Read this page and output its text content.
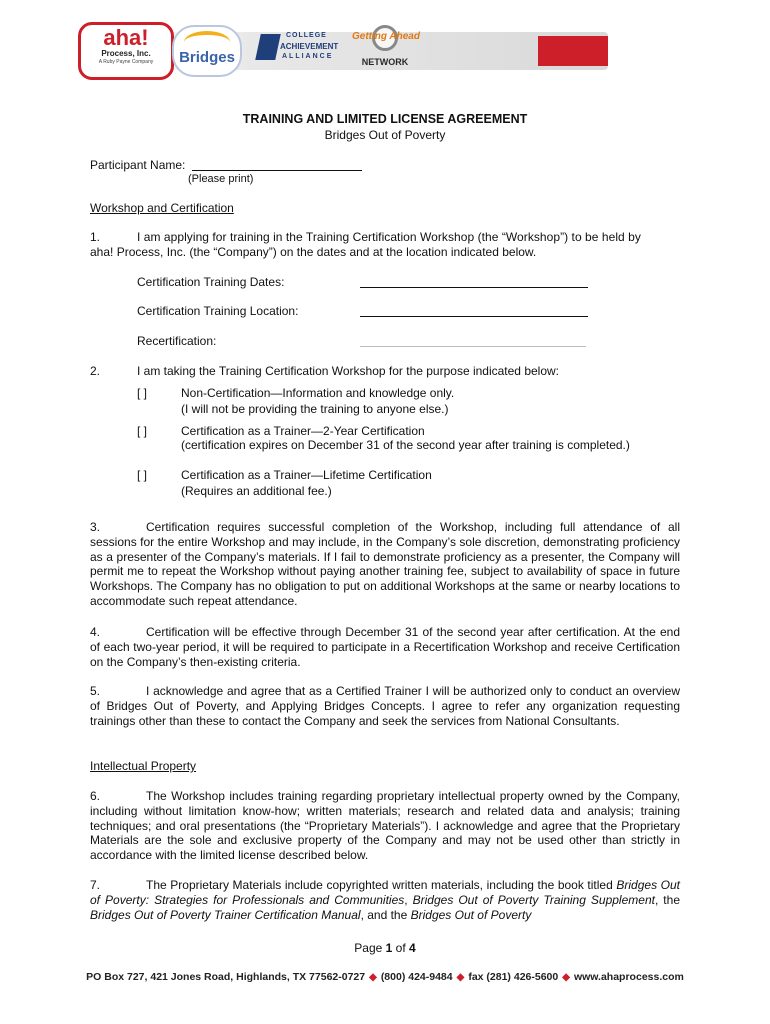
❯❯❯❯
aha!
Process, Inc.
A Ruby Payne Company	Bridges
COLLEGE
ACHIEVEMENT
ALLIANCE
Getting Ahead
NETWORK
TRAINING AND LIMITED LICENSE AGREEMENT
Bridges Out of Poverty
Participant Name:
(Please print)
Workshop and Certification
1.	I am applying for training in the Training Certification Workshop (the “Workshop”) to be held by
aha! Process, Inc. (the “Company”) on the dates and at the location indicated below.
Certification Training Dates:
Certification Training Location:
Recertification:
2.	I am taking the Training Certification Workshop for the purpose indicated below:
[ ]	Non-Certification—Information and knowledge only.
(I will not be providing the training to anyone else.)
[ ]	Certification as a Trainer—2-Year Certification
(certification expires on December 31 of the second year after training is completed.)
[ ]	Certification as a Trainer—Lifetime Certification
(Requires an additional fee.)
3.	Certification requires successful completion of the Workshop, including full attendance of all sessions for the entire Workshop and may include, in the Company’s sole discretion, demonstrating proficiency as a presenter of the Company’s materials. If I fail to demonstrate proficiency as a presenter, the Company will permit me to repeat the Workshop without paying another training fee, subject to availability of space in future Workshops. The Company has no obligation to put on additional Workshops at the same or nearby locations to accommodate such repeat attendance.
4.	Certification will be effective through December 31 of the second year after certification. At the end of each two-year period, it will be required to participate in a Recertification Workshop and receive Certification on the Company’s then-existing criteria.
5.	I acknowledge and agree that as a Certified Trainer I will be authorized only to conduct an overview of Bridges Out of Poverty, and Applying Bridges Concepts. I agree to refer any organization requesting trainings other than these to contact the Company and seek the services from National Consultants.
Intellectual Property
6.	The Workshop includes training regarding proprietary intellectual property owned by the Company, including without limitation know-how; written materials; research and related data and analysis; training techniques; and oral presentations (the “Proprietary Materials”). I acknowledge and agree that the Proprietary Materials are the sole and exclusive property of the Company and may not be used other than strictly in accordance with the limited license described below.
7.	The Proprietary Materials include copyrighted written materials, including the book titled Bridges Out of Poverty: Strategies for Professionals and Communities, Bridges Out of Poverty Training Supplement, the Bridges Out of Poverty Trainer Certification Manual, and the Bridges Out of Poverty
Page 1 of 4
PO Box 727, 421 Jones Road, Highlands, TX 77562-0727 ◆ (800) 424-9484 ◆ fax (281) 426-5600 ◆ www.ahaprocess.com
